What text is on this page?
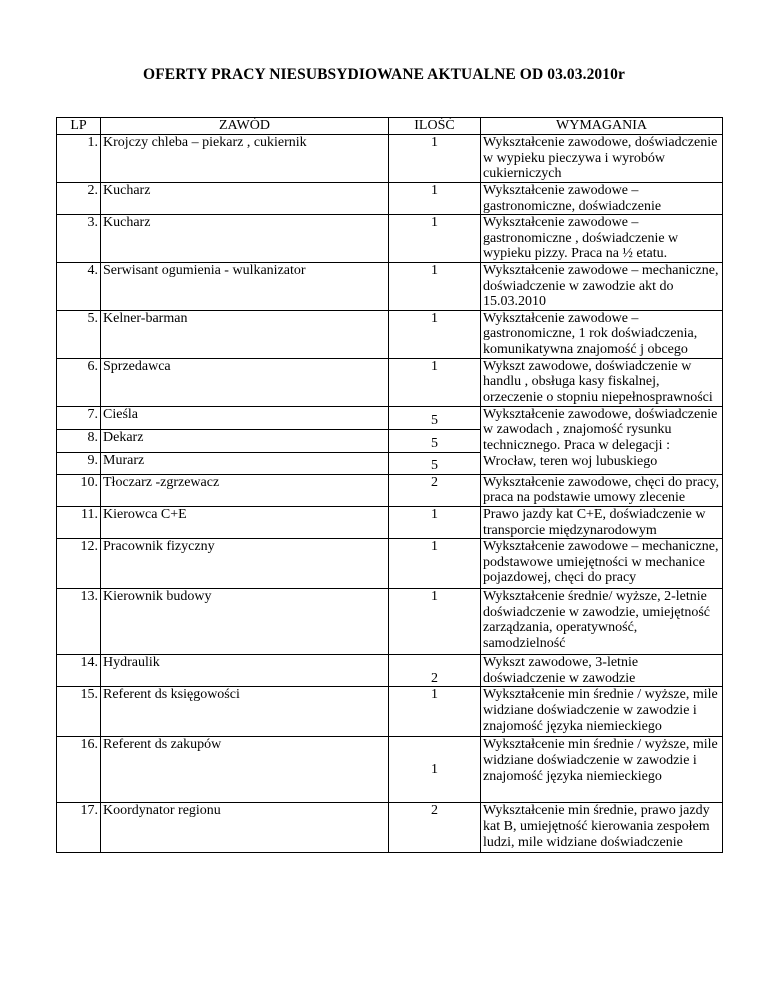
OFERTY PRACY NIESUBSYDIOWANE AKTUALNE OD 03.03.2010r
LP	ZAWÓD	ILOŚĆ	WYMAGANIA
1.	Krojczy chleba – piekarz , cukiernik	1	Wykształcenie zawodowe, doświadczenie w wypieku pieczywa i wyrobów cukierniczych
2.	Kucharz	1	Wykształcenie zawodowe – gastronomiczne, doświadczenie
3.	Kucharz	1	Wykształcenie zawodowe – gastronomiczne , doświadczenie w wypieku pizzy. Praca na ½ etatu.
4.	Serwisant ogumienia - wulkanizator	1	Wykształcenie zawodowe – mechaniczne, doświadczenie w zawodzie akt do 15.03.2010
5.	Kelner-barman	1	Wykształcenie zawodowe – gastronomiczne, 1 rok doświadczenia, komunikatywna znajomość j obcego
6.	Sprzedawca	1	Wykszt zawodowe, doświadczenie w handlu , obsługa kasy fiskalnej, orzeczenie o stopniu niepełnosprawności
7.	Cieśla	5	Wykształcenie zawodowe, doświadczenie w zawodach , znajomość rysunku technicznego. Praca w delegacji : Wrocław, teren woj lubuskiego
8.	Dekarz	5	
9.	Murarz	5	
10.	Tłoczarz -zgrzewacz	2	Wykształcenie zawodowe, chęci do pracy, praca na podstawie umowy zlecenie
11.	Kierowca C+E	1	Prawo jazdy kat C+E, doświadczenie w transporcie międzynarodowym
12.	Pracownik fizyczny	1	Wykształcenie zawodowe – mechaniczne, podstawowe umiejętności w mechanice pojazdowej, chęci do pracy
13.	Kierownik budowy	1	Wykształcenie średnie/ wyższe, 2-letnie doświadczenie w zawodzie, umiejętność zarządzania, operatywność, samodzielność
14.	Hydraulik	2	Wykszt zawodowe, 3-letnie doświadczenie w zawodzie
15.	Referent ds księgowości	1	Wykształcenie min średnie / wyższe, mile widziane doświadczenie w zawodzie i znajomość języka niemieckiego
16.	Referent ds zakupów	1	Wykształcenie min średnie / wyższe, mile widziane doświadczenie w zawodzie i znajomość języka niemieckiego
17.	Koordynator regionu	2	Wykształcenie min średnie, prawo jazdy kat B, umiejętność kierowania zespołem ludzi, mile widziane doświadczenie
